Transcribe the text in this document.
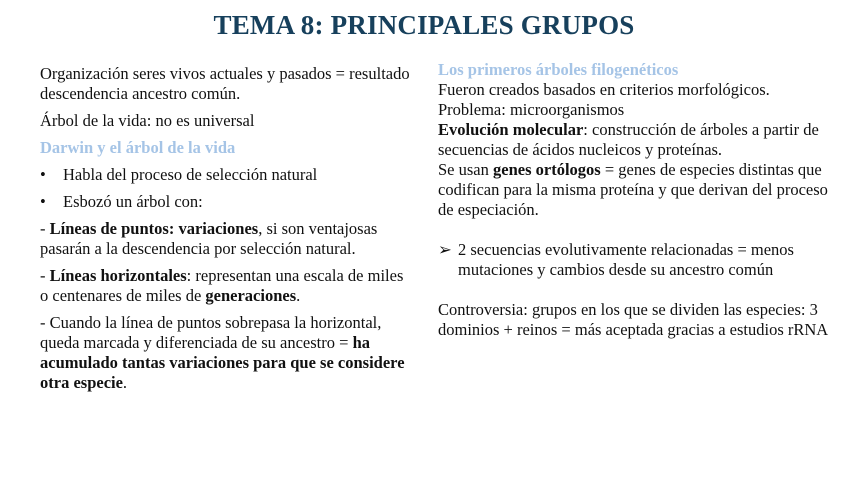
TEMA 8: PRINCIPALES GRUPOS

Organización seres vivos actuales y pasados = resultado descendencia ancestro común.

Árbol de la vida: no es universal

Darwin y el árbol de la vida

• Habla del proceso de selección natural

• Esbozó un árbol con:

- Líneas de puntos: variaciones, si son ventajosas pasarán a la descendencia por selección natural.

- Líneas horizontales: representan una escala de miles o centenares de miles de generaciones.

- Cuando la línea de puntos sobrepasa la horizontal, queda marcada y diferenciada de su ancestro = ha acumulado tantas variaciones para que se considere otra especie.

Los primeros árboles filogenéticos

Fueron creados basados en criterios morfológicos.

Problema: microorganismos

Evolución molecular: construcción de árboles a partir de secuencias de ácidos nucleicos y proteínas.

Se usan genes ortólogos = genes de especies distintas que codifican para la misma proteína y que derivan del proceso de especiación.

➢ 2 secuencias evolutivamente relacionadas = menos mutaciones y cambios desde su ancestro común

Controversia: grupos en los que se dividen las especies: 3 dominios + reinos = más aceptada gracias a estudios rRNA
